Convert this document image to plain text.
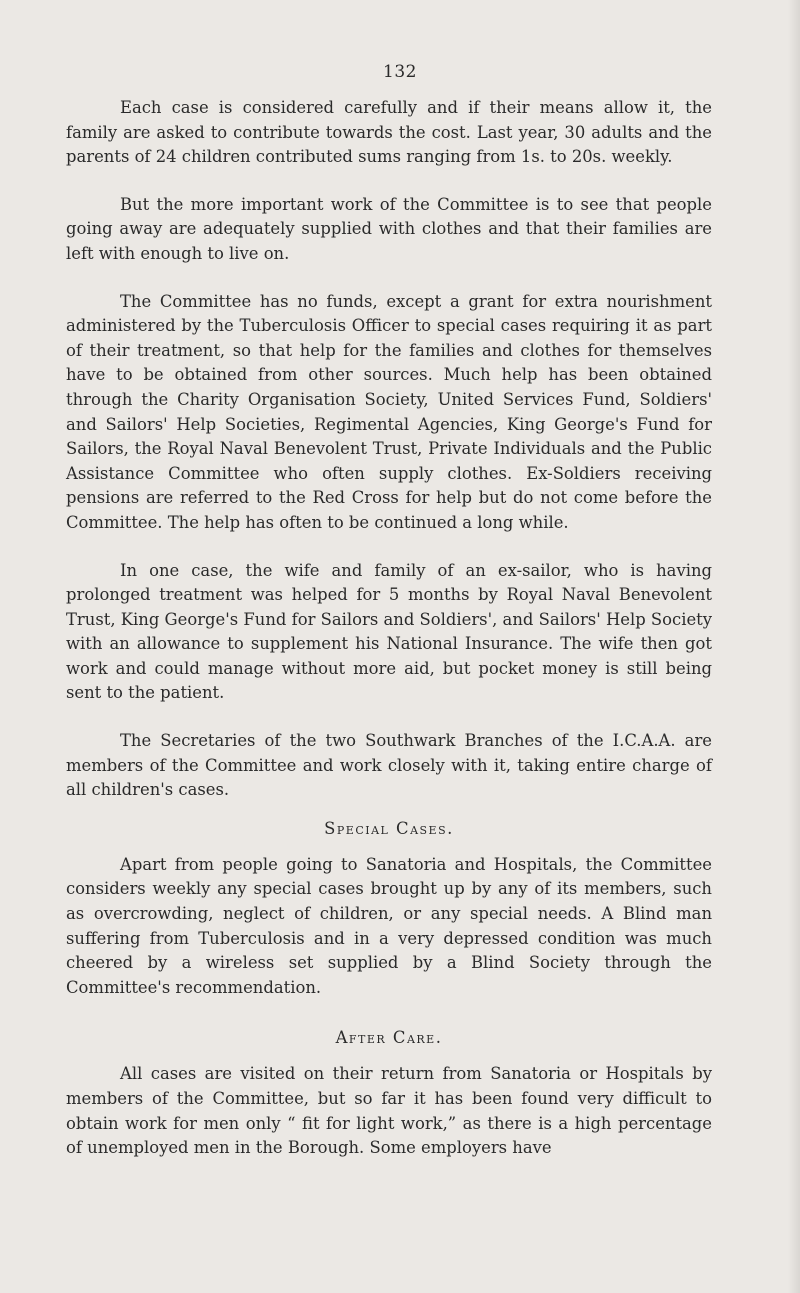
132

Each case is considered carefully and if their means allow it, the family are asked to contribute towards the cost. Last year, 30 adults and the parents of 24 children contributed sums ranging from 1s. to 20s. weekly.

But the more important work of the Committee is to see that people going away are adequately supplied with clothes and that their families are left with enough to live on.

The Committee has no funds, except a grant for extra nourishment administered by the Tuberculosis Officer to special cases requiring it as part of their treatment, so that help for the families and clothes for themselves have to be obtained from other sources. Much help has been obtained through the Charity Organisation Society, United Services Fund, Soldiers' and Sailors' Help Societies, Regimental Agencies, King George's Fund for Sailors, the Royal Naval Benevolent Trust, Private Individuals and the Public Assistance Committee who often supply clothes. Ex-Soldiers receiving pensions are referred to the Red Cross for help but do not come before the Committee. The help has often to be continued a long while.

In one case, the wife and family of an ex-sailor, who is having prolonged treatment was helped for 5 months by Royal Naval Benevolent Trust, King George's Fund for Sailors and Soldiers', and Sailors' Help Society with an allowance to supplement his National Insurance. The wife then got work and could manage without more aid, but pocket money is still being sent to the patient.

The Secretaries of the two Southwark Branches of the I.C.A.A. are members of the Committee and work closely with it, taking entire charge of all children's cases.

Special Cases.

Apart from people going to Sanatoria and Hospitals, the Committee considers weekly any special cases brought up by any of its members, such as overcrowding, neglect of children, or any special needs. A Blind man suffering from Tuberculosis and in a very depressed condition was much cheered by a wireless set supplied by a Blind Society through the Committee's recommendation.

After Care.

All cases are visited on their return from Sanatoria or Hospitals by members of the Committee, but so far it has been found very difficult to obtain work for men only “ fit for light work,” as there is a high percentage of unemployed men in the Borough. Some employers have
